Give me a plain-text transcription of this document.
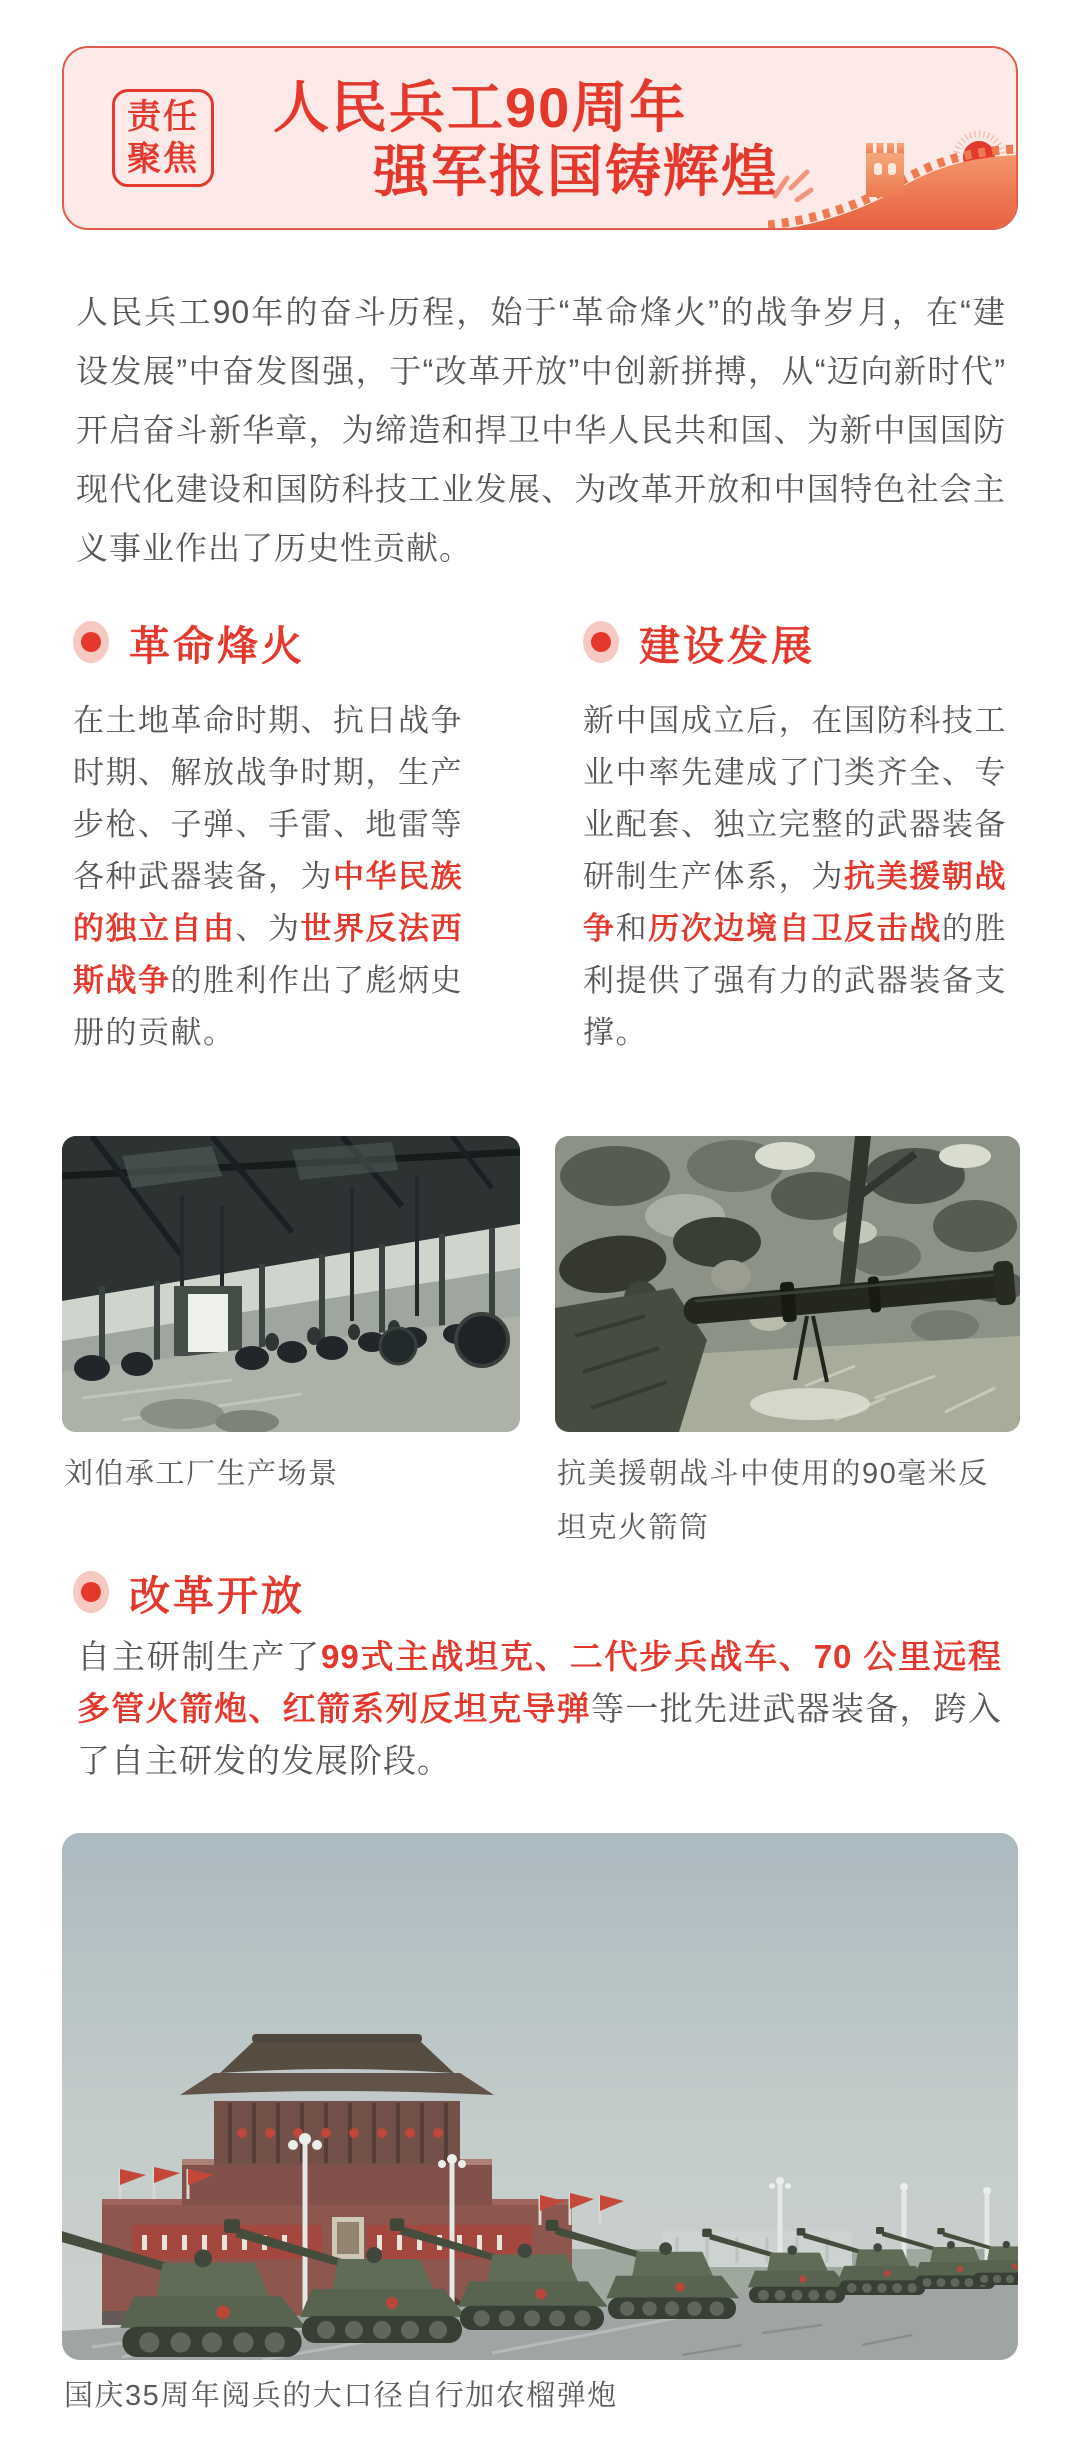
责任
聚焦
人民兵工90周年
强军报国铸辉煌

人民兵工90年的奋斗历程，始于“革命烽火”的战争岁月，在“建设发展”中奋发图强，于“改革开放”中创新拼搏，从“迈向新时代”开启奋斗新华章，为缔造和捍卫中华人民共和国、为新中国国防现代化建设和国防科技工业发展、为改革开放和中国特色社会主义事业作出了历史性贡献。

革命烽火

在土地革命时期、抗日战争时期、解放战争时期，生产步枪、子弹、手雷、地雷等各种武器装备，为中华民族的独立自由、为世界反法西斯战争的胜利作出了彪炳史册的贡献。

建设发展

新中国成立后，在国防科技工业中率先建成了门类齐全、专业配套、独立完整的武器装备研制生产体系，为抗美援朝战争和历次边境自卫反击战的胜利提供了强有力的武器装备支撑。

刘伯承工厂生产场景	抗美援朝战斗中使用的90毫米反坦克火箭筒
改革开放

自主研制生产了99式主战坦克、二代步兵战车、70 公里远程多管火箭炮、红箭系列反坦克导弹等一批先进武器装备，跨入了自主研发的发展阶段。

国庆35周年阅兵的大口径自行加农榴弹炮
